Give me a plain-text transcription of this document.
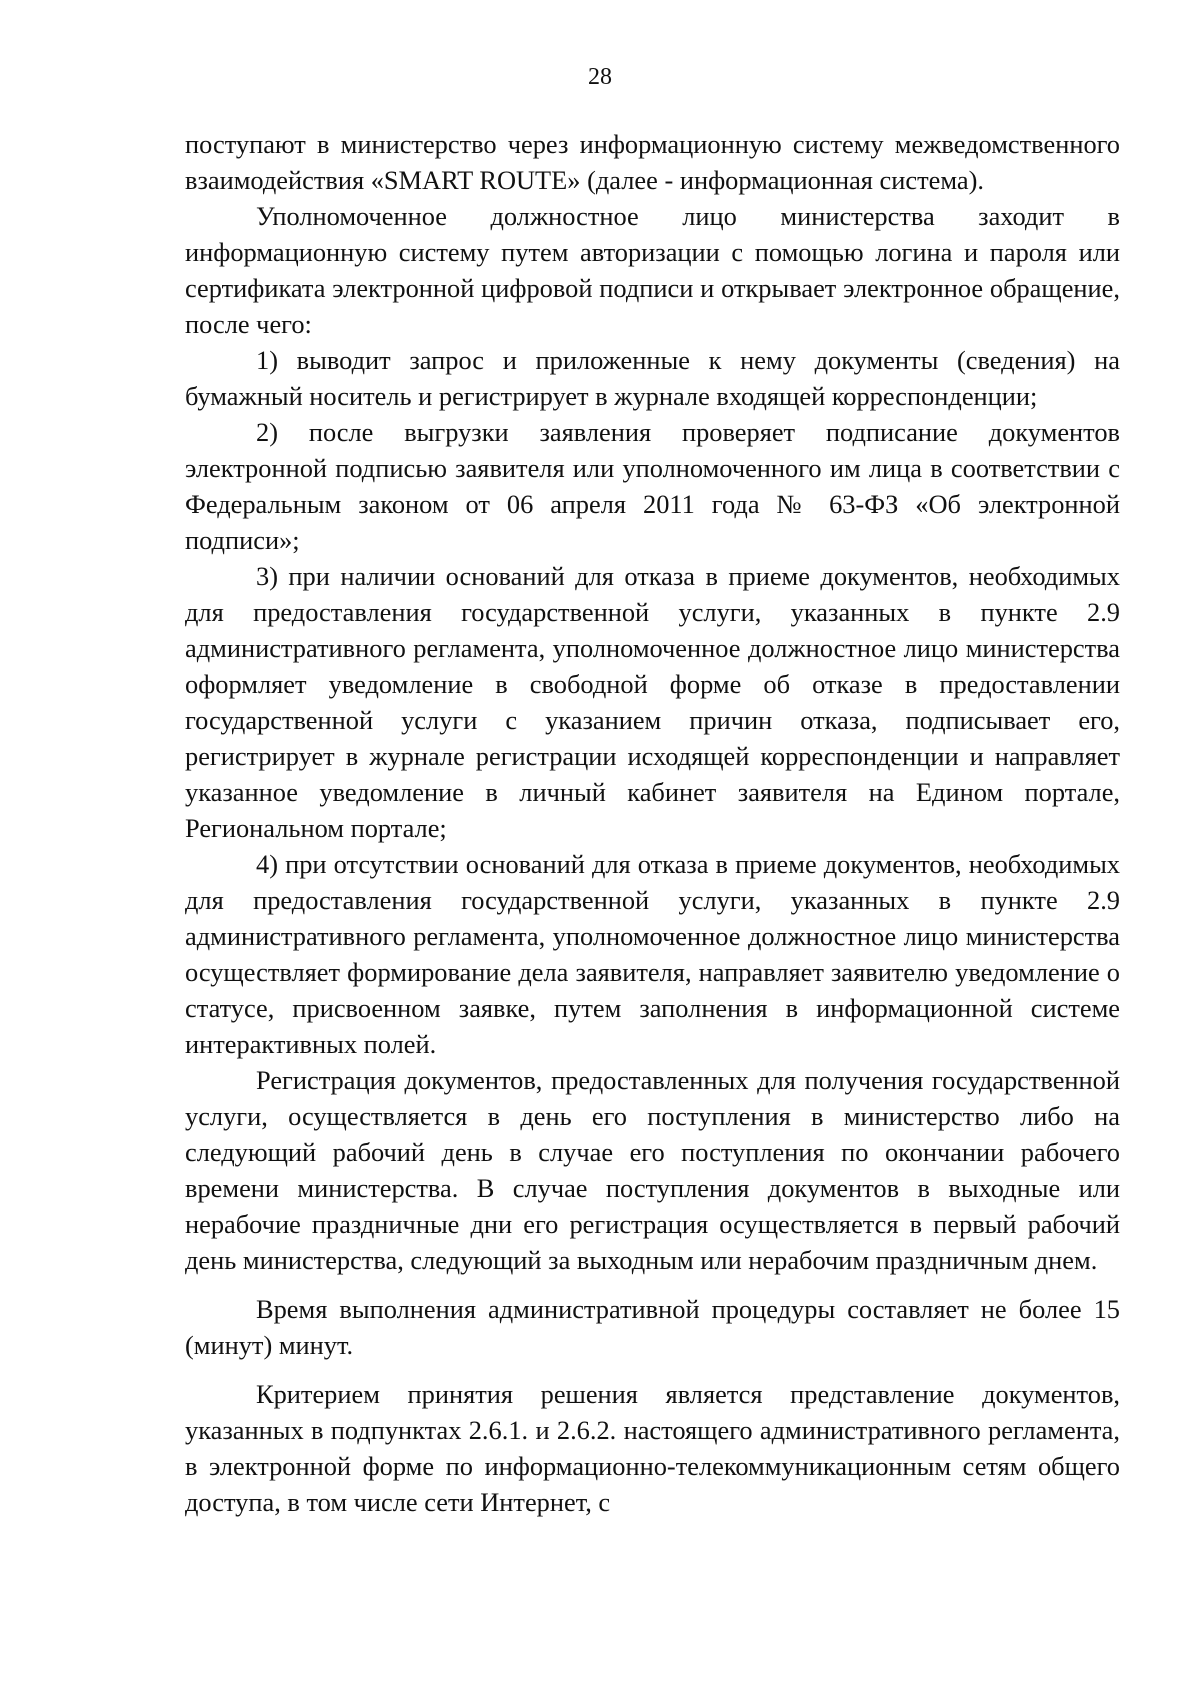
28

поступают в министерство через информационную систему межведомственного взаимодействия «SMART ROUTE» (далее - информационная система).

Уполномоченное должностное лицо министерства заходит в информационную систему путем авторизации с помощью логина и пароля или сертификата электронной цифровой подписи и открывает электронное обращение, после чего:

1) выводит запрос и приложенные к нему документы (сведения) на бумажный носитель и регистрирует в журнале входящей корреспонденции;

2) после выгрузки заявления проверяет подписание документов электронной подписью заявителя или уполномоченного им лица в соответствии с Федеральным законом от 06 апреля 2011 года № 63-ФЗ «Об электронной подписи»;

3) при наличии оснований для отказа в приеме документов, необходимых для предоставления государственной услуги, указанных в пункте 2.9 административного регламента, уполномоченное должностное лицо министерства оформляет уведомление в свободной форме об отказе в предоставлении государственной услуги с указанием причин отказа, подписывает его, регистрирует в журнале регистрации исходящей корреспонденции и направляет указанное уведомление в личный кабинет заявителя на Едином портале, Региональном портале;

4) при отсутствии оснований для отказа в приеме документов, необходимых для предоставления государственной услуги, указанных в пункте 2.9 административного регламента, уполномоченное должностное лицо министерства осуществляет формирование дела заявителя, направляет заявителю уведомление о статусе, присвоенном заявке, путем заполнения в информационной системе интерактивных полей.

Регистрация документов, предоставленных для получения государственной услуги, осуществляется в день его поступления в министерство либо на следующий рабочий день в случае его поступления по окончании рабочего времени министерства. В случае поступления документов в выходные или нерабочие праздничные дни его регистрация осуществляется в первый рабочий день министерства, следующий за выходным или нерабочим праздничным днем.

Время выполнения административной процедуры составляет не более 15 (минут) минут.

Критерием принятия решения является представление документов, указанных в подпунктах 2.6.1. и 2.6.2. настоящего административного регламента, в электронной форме по информационно-телекоммуникационным сетям общего доступа, в том числе сети Интернет, с
